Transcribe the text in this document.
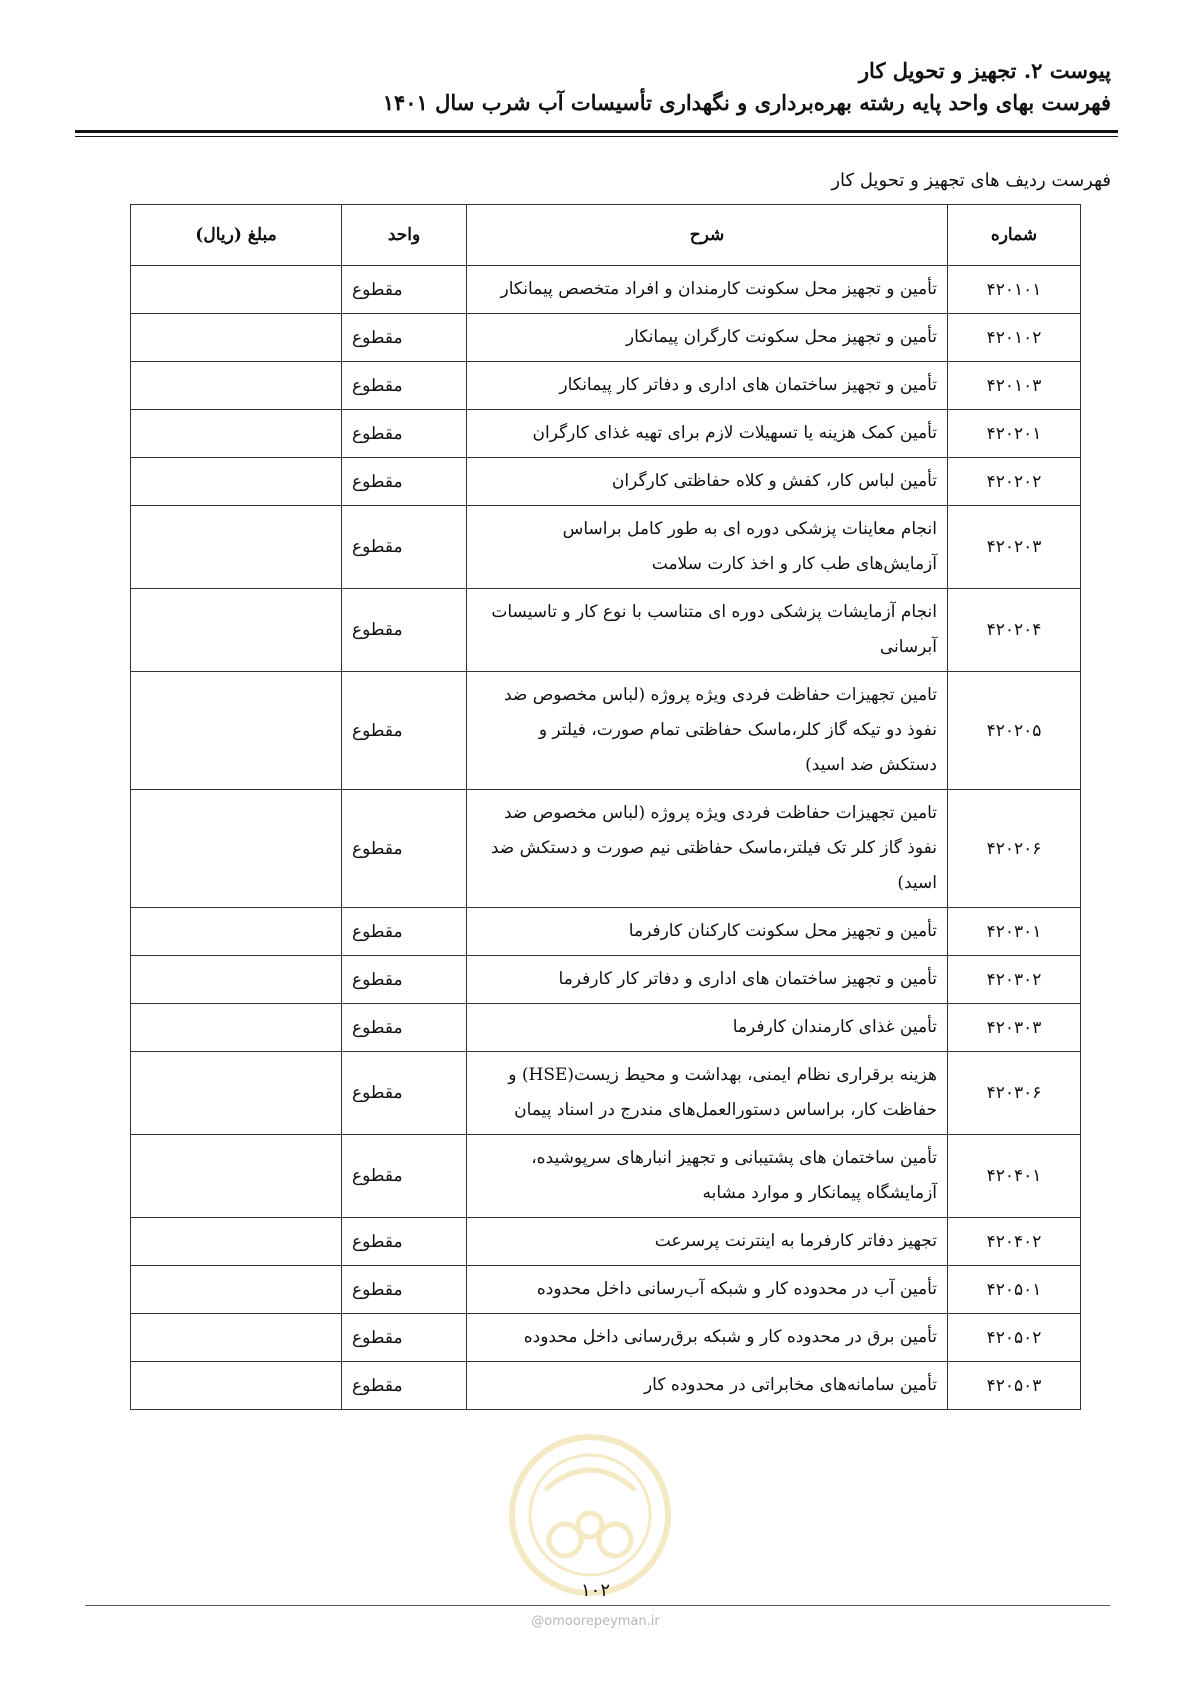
پیوست ۲. تجهیز و تحویل کار
فهرست بهای واحد پایه رشته بهره‌برداری و نگهداری تأسیسات آب شرب سال ۱۴۰۱
فهرست ردیف های تجهیز و تحویل کار
شماره	شرح	واحد	مبلغ (ریال)
۴۲۰۱۰۱	تأمین و تجهیز محل سکونت کارمندان و افراد متخصص پیمانکار	مقطوع	
۴۲۰۱۰۲	تأمین و تجهیز محل سکونت کارگران پیمانکار	مقطوع	
۴۲۰۱۰۳	تأمین و تجهیز ساختمان های اداری و دفاتر کار پیمانکار	مقطوع	
۴۲۰۲۰۱	تأمین کمک هزینه یا تسهیلات لازم برای تهیه غذای کارگران	مقطوع	
۴۲۰۲۰۲	تأمین لباس کار، کفش و کلاه حفاظتی کارگران	مقطوع	
۴۲۰۲۰۳	انجام معاینات پزشکی دوره ای به طور کامل براساس آزمایش‌های طب کار و اخذ کارت سلامت	مقطوع	
۴۲۰۲۰۴	انجام آزمایشات پزشکی دوره ای متناسب با نوع کار و تاسیسات آبرسانی	مقطوع	
۴۲۰۲۰۵	تامین تجهیزات حفاظت فردی ویژه پروژه (لباس مخصوص ضد نفوذ دو تیکه گاز کلر،ماسک حفاظتی تمام صورت، فیلتر و دستکش ضد اسید)	مقطوع	
۴۲۰۲۰۶	تامین تجهیزات حفاظت فردی ویژه پروژه (لباس مخصوص ضد نفوذ گاز کلر تک فیلتر،ماسک حفاظتی نیم صورت و دستکش ضد اسید)	مقطوع	
۴۲۰۳۰۱	تأمین و تجهیز محل سکونت کارکنان کارفرما	مقطوع	
۴۲۰۳۰۲	تأمین و تجهیز ساختمان های اداری و دفاتر کار کارفرما	مقطوع	
۴۲۰۳۰۳	تأمین غذای کارمندان کارفرما	مقطوع	
۴۲۰۳۰۶	هزینه برقراری نظام ایمنی، بهداشت و محیط زیست(HSE) و حفاظت کار، براساس دستورالعمل‌های مندرج در اسناد پیمان	مقطوع	
۴۲۰۴۰۱	تأمین ساختمان های پشتیبانی و تجهیز انبارهای سرپوشیده، آزمایشگاه پیمانکار و موارد مشابه	مقطوع	
۴۲۰۴۰۲	تجهیز دفاتر کارفرما به اینترنت پرسرعت	مقطوع	
۴۲۰۵۰۱	تأمین آب در محدوده کار و شبکه آب‌رسانی داخل محدوده	مقطوع	
۴۲۰۵۰۲	تأمین برق در محدوده کار و شبکه برق‌رسانی داخل محدوده	مقطوع	
۴۲۰۵۰۳	تأمین سامانه‌های مخابراتی در محدوده کار	مقطوع	
۱۰۲
@omoorepeyman.ir
